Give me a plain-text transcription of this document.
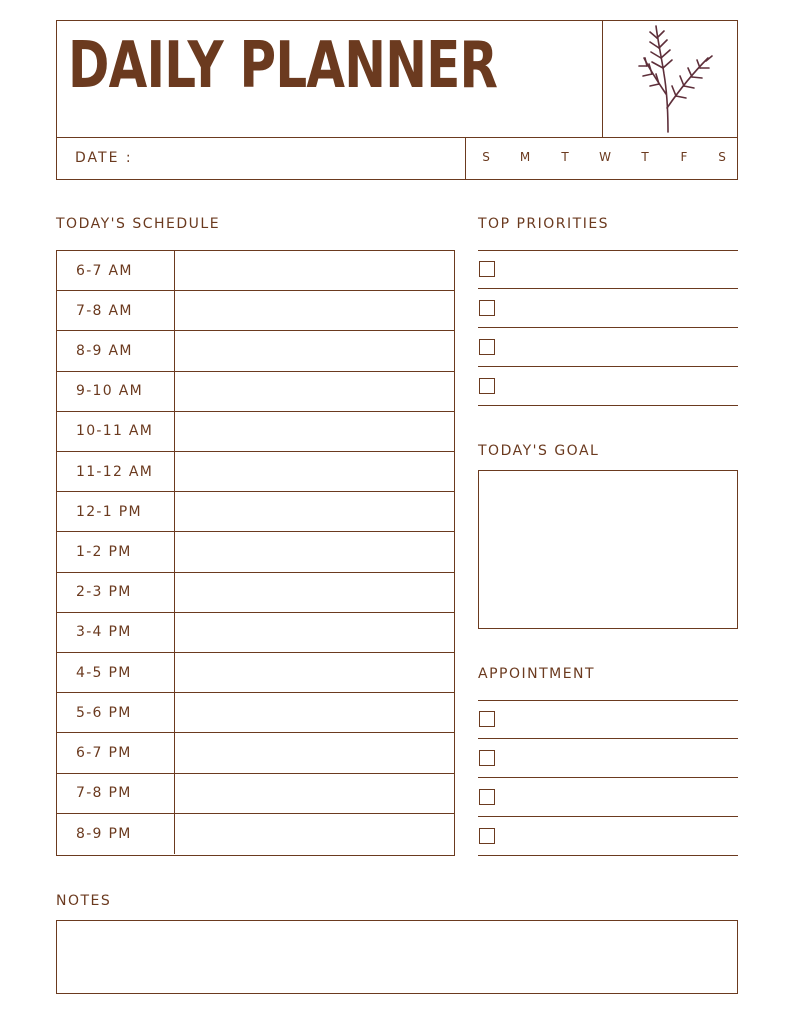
DAILY PLANNER
DATE :	S	M	T	W	T	F	S
TODAY'S SCHEDULE
6-7 AM
7-8 AM
8-9 AM
9-10 AM
10-11 AM
11-12 AM
12-1 PM
1-2 PM
2-3 PM
3-4 PM
4-5 PM
5-6 PM
6-7 PM
7-8 PM
8-9 PM
TOP PRIORITIES
TODAY'S GOAL
APPOINTMENT
NOTES
